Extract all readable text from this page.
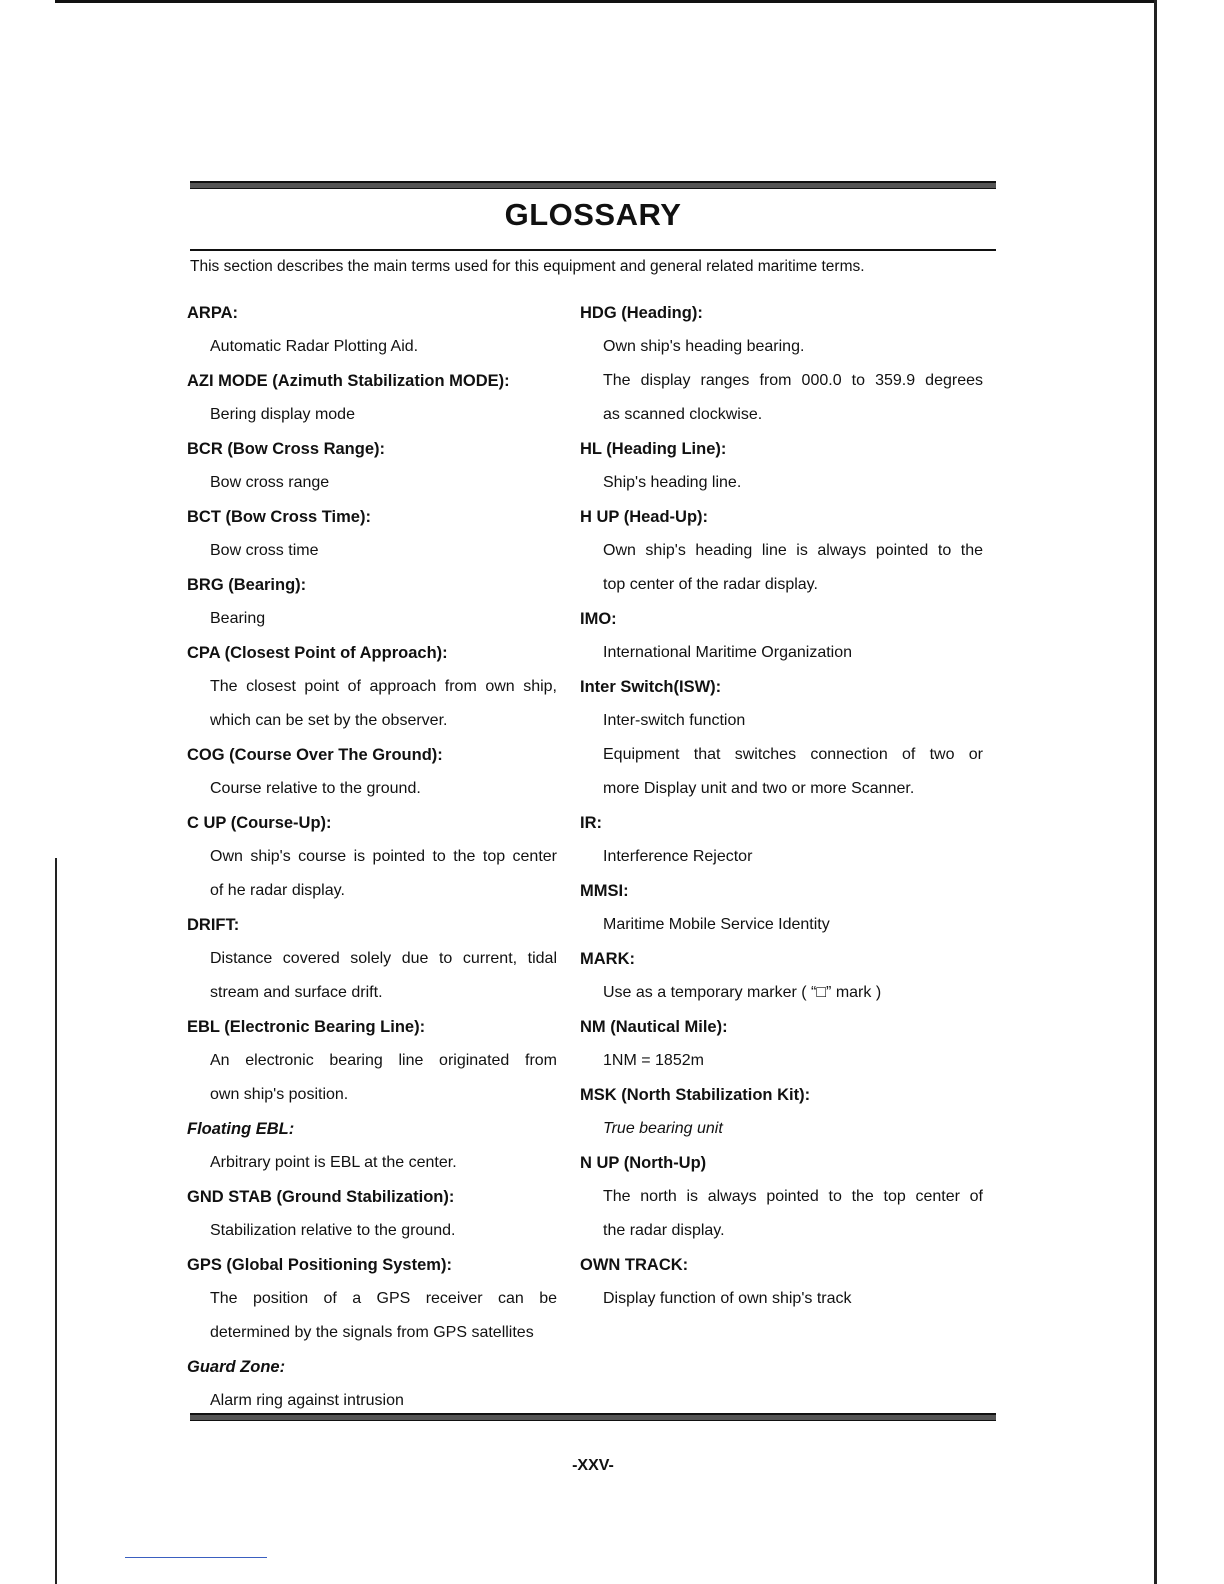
GLOSSARY
This section describes the main terms used for this equipment and general related maritime terms.
ARPA:
Automatic Radar Plotting Aid.
AZI MODE (Azimuth Stabilization MODE):
Bering display mode
BCR (Bow Cross Range):
Bow cross range
BCT (Bow Cross Time):
Bow cross time
BRG (Bearing):
Bearing
CPA (Closest Point of Approach):
The closest point of approach from own ship,
which can be set by the observer.
COG (Course Over The Ground):
Course relative to the ground.
C UP (Course-Up):
Own ship's course is pointed to the top center
of he radar display.
DRIFT:
Distance covered solely due to current, tidal
stream and surface drift.
EBL (Electronic Bearing Line):
An electronic bearing line originated from
own ship's position.
Floating EBL:
Arbitrary point is EBL at the center.
GND STAB (Ground Stabilization):
Stabilization relative to the ground.
GPS (Global Positioning System):
The position of a GPS receiver can be
determined by the signals from GPS satellites
Guard Zone:
Alarm ring against intrusion
HDG (Heading):
Own ship's heading bearing.
The display ranges from 000.0 to 359.9 degrees
as scanned clockwise.
HL (Heading Line):
Ship's heading line.
H UP (Head-Up):
Own ship's heading line is always pointed to the
top center of the radar display.
IMO:
International Maritime Organization
Inter Switch(ISW):
Inter-switch function
Equipment that switches connection of two or
more Display unit and two or more Scanner.
IR:
Interference Rejector
MMSI:
Maritime Mobile Service Identity
MARK:
Use as a temporary marker ( “□” mark )
NM (Nautical Mile):
1NM = 1852m
MSK (North Stabilization Kit):
True bearing unit
N UP (North-Up)
The north is always pointed to the top center of
the radar display.
OWN TRACK:
Display function of own ship's track
-XXV-
